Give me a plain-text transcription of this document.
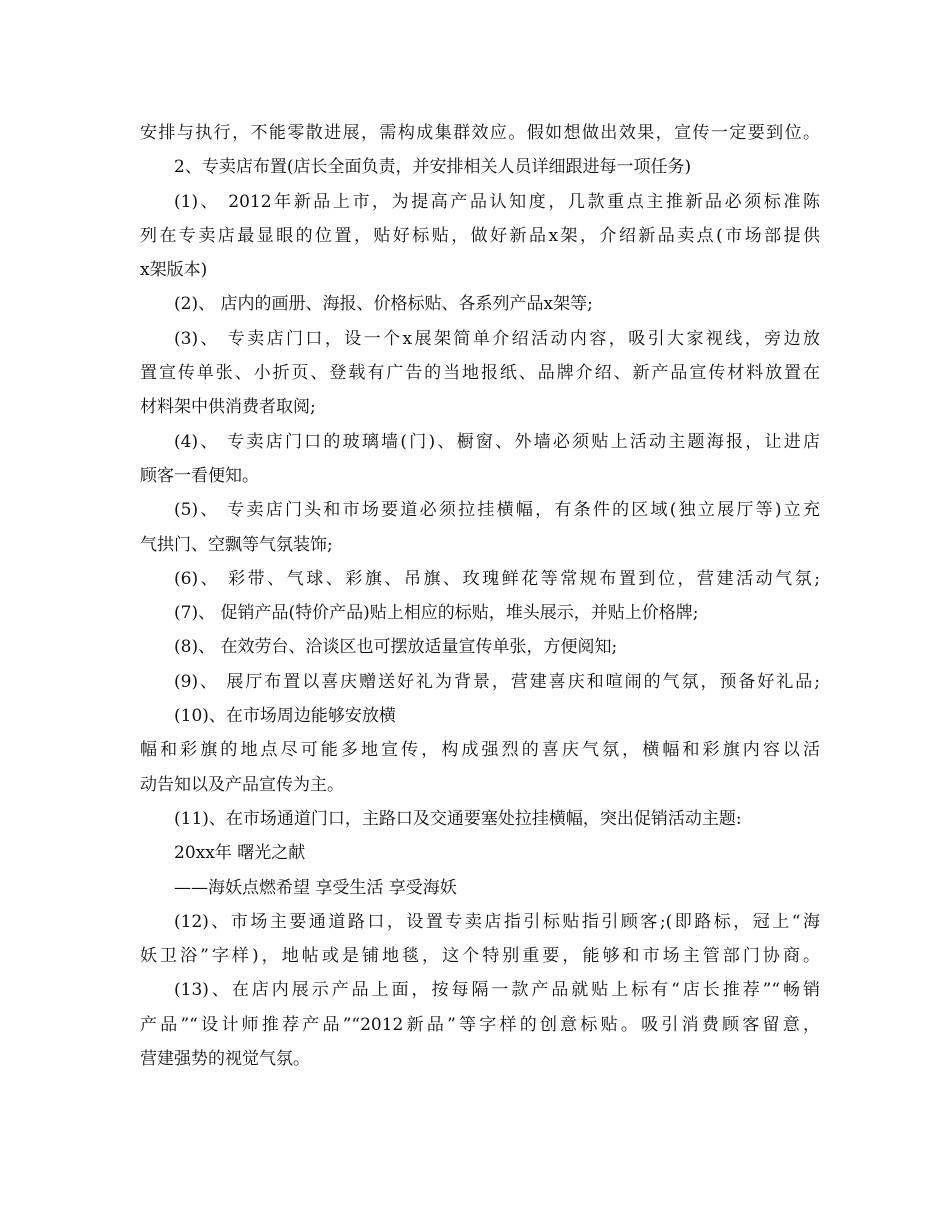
安排与执行，不能零散进展，需构成集群效应。假如想做出效果，宣传一定要到位。
2、专卖店布置(店长全面负责，并安排相关人员详细跟进每一项任务)
(1)、 2012年新品上市，为提高产品认知度，几款重点主推新品必须标准陈
列在专卖店最显眼的位置，贴好标贴，做好新品x架，介绍新品卖点(市场部提供
x架版本)
(2)、 店内的画册、海报、价格标贴、各系列产品x架等;
(3)、 专卖店门口，设一个x展架简单介绍活动内容，吸引大家视线，旁边放
置宣传单张、小折页、登载有广告的当地报纸、品牌介绍、新产品宣传材料放置在
材料架中供消费者取阅;
(4)、 专卖店门口的玻璃墙(门)、橱窗、外墙必须贴上活动主题海报，让进店
顾客一看便知。
(5)、 专卖店门头和市场要道必须拉挂横幅，有条件的区域(独立展厅等)立充
气拱门、空飘等气氛装饰;
(6)、 彩带、气球、彩旗、吊旗、玫瑰鲜花等常规布置到位，营建活动气氛;
(7)、 促销产品(特价产品)贴上相应的标贴，堆头展示，并贴上价格牌;
(8)、 在效劳台、洽谈区也可摆放适量宣传单张，方便阅知;
(9)、 展厅布置以喜庆赠送好礼为背景，营建喜庆和喧闹的气氛，预备好礼品;
(10)、在市场周边能够安放横
幅和彩旗的地点尽可能多地宣传，构成强烈的喜庆气氛，横幅和彩旗内容以活
动告知以及产品宣传为主。
(11)、在市场通道门口，主路口及交通要塞处拉挂横幅，突出促销活动主题:
20xx年 曙光之献
——海妖点燃希望 享受生活 享受海妖
(12)、市场主要通道路口，设置专卖店指引标贴指引顾客;(即路标，冠上“海
妖卫浴”字样)，地帖或是铺地毯，这个特别重要，能够和市场主管部门协商。
(13)、在店内展示产品上面，按每隔一款产品就贴上标有“店长推荐”“畅销
产品”“设计师推荐产品”“2012新品”等字样的创意标贴。吸引消费顾客留意，
营建强势的视觉气氛。
